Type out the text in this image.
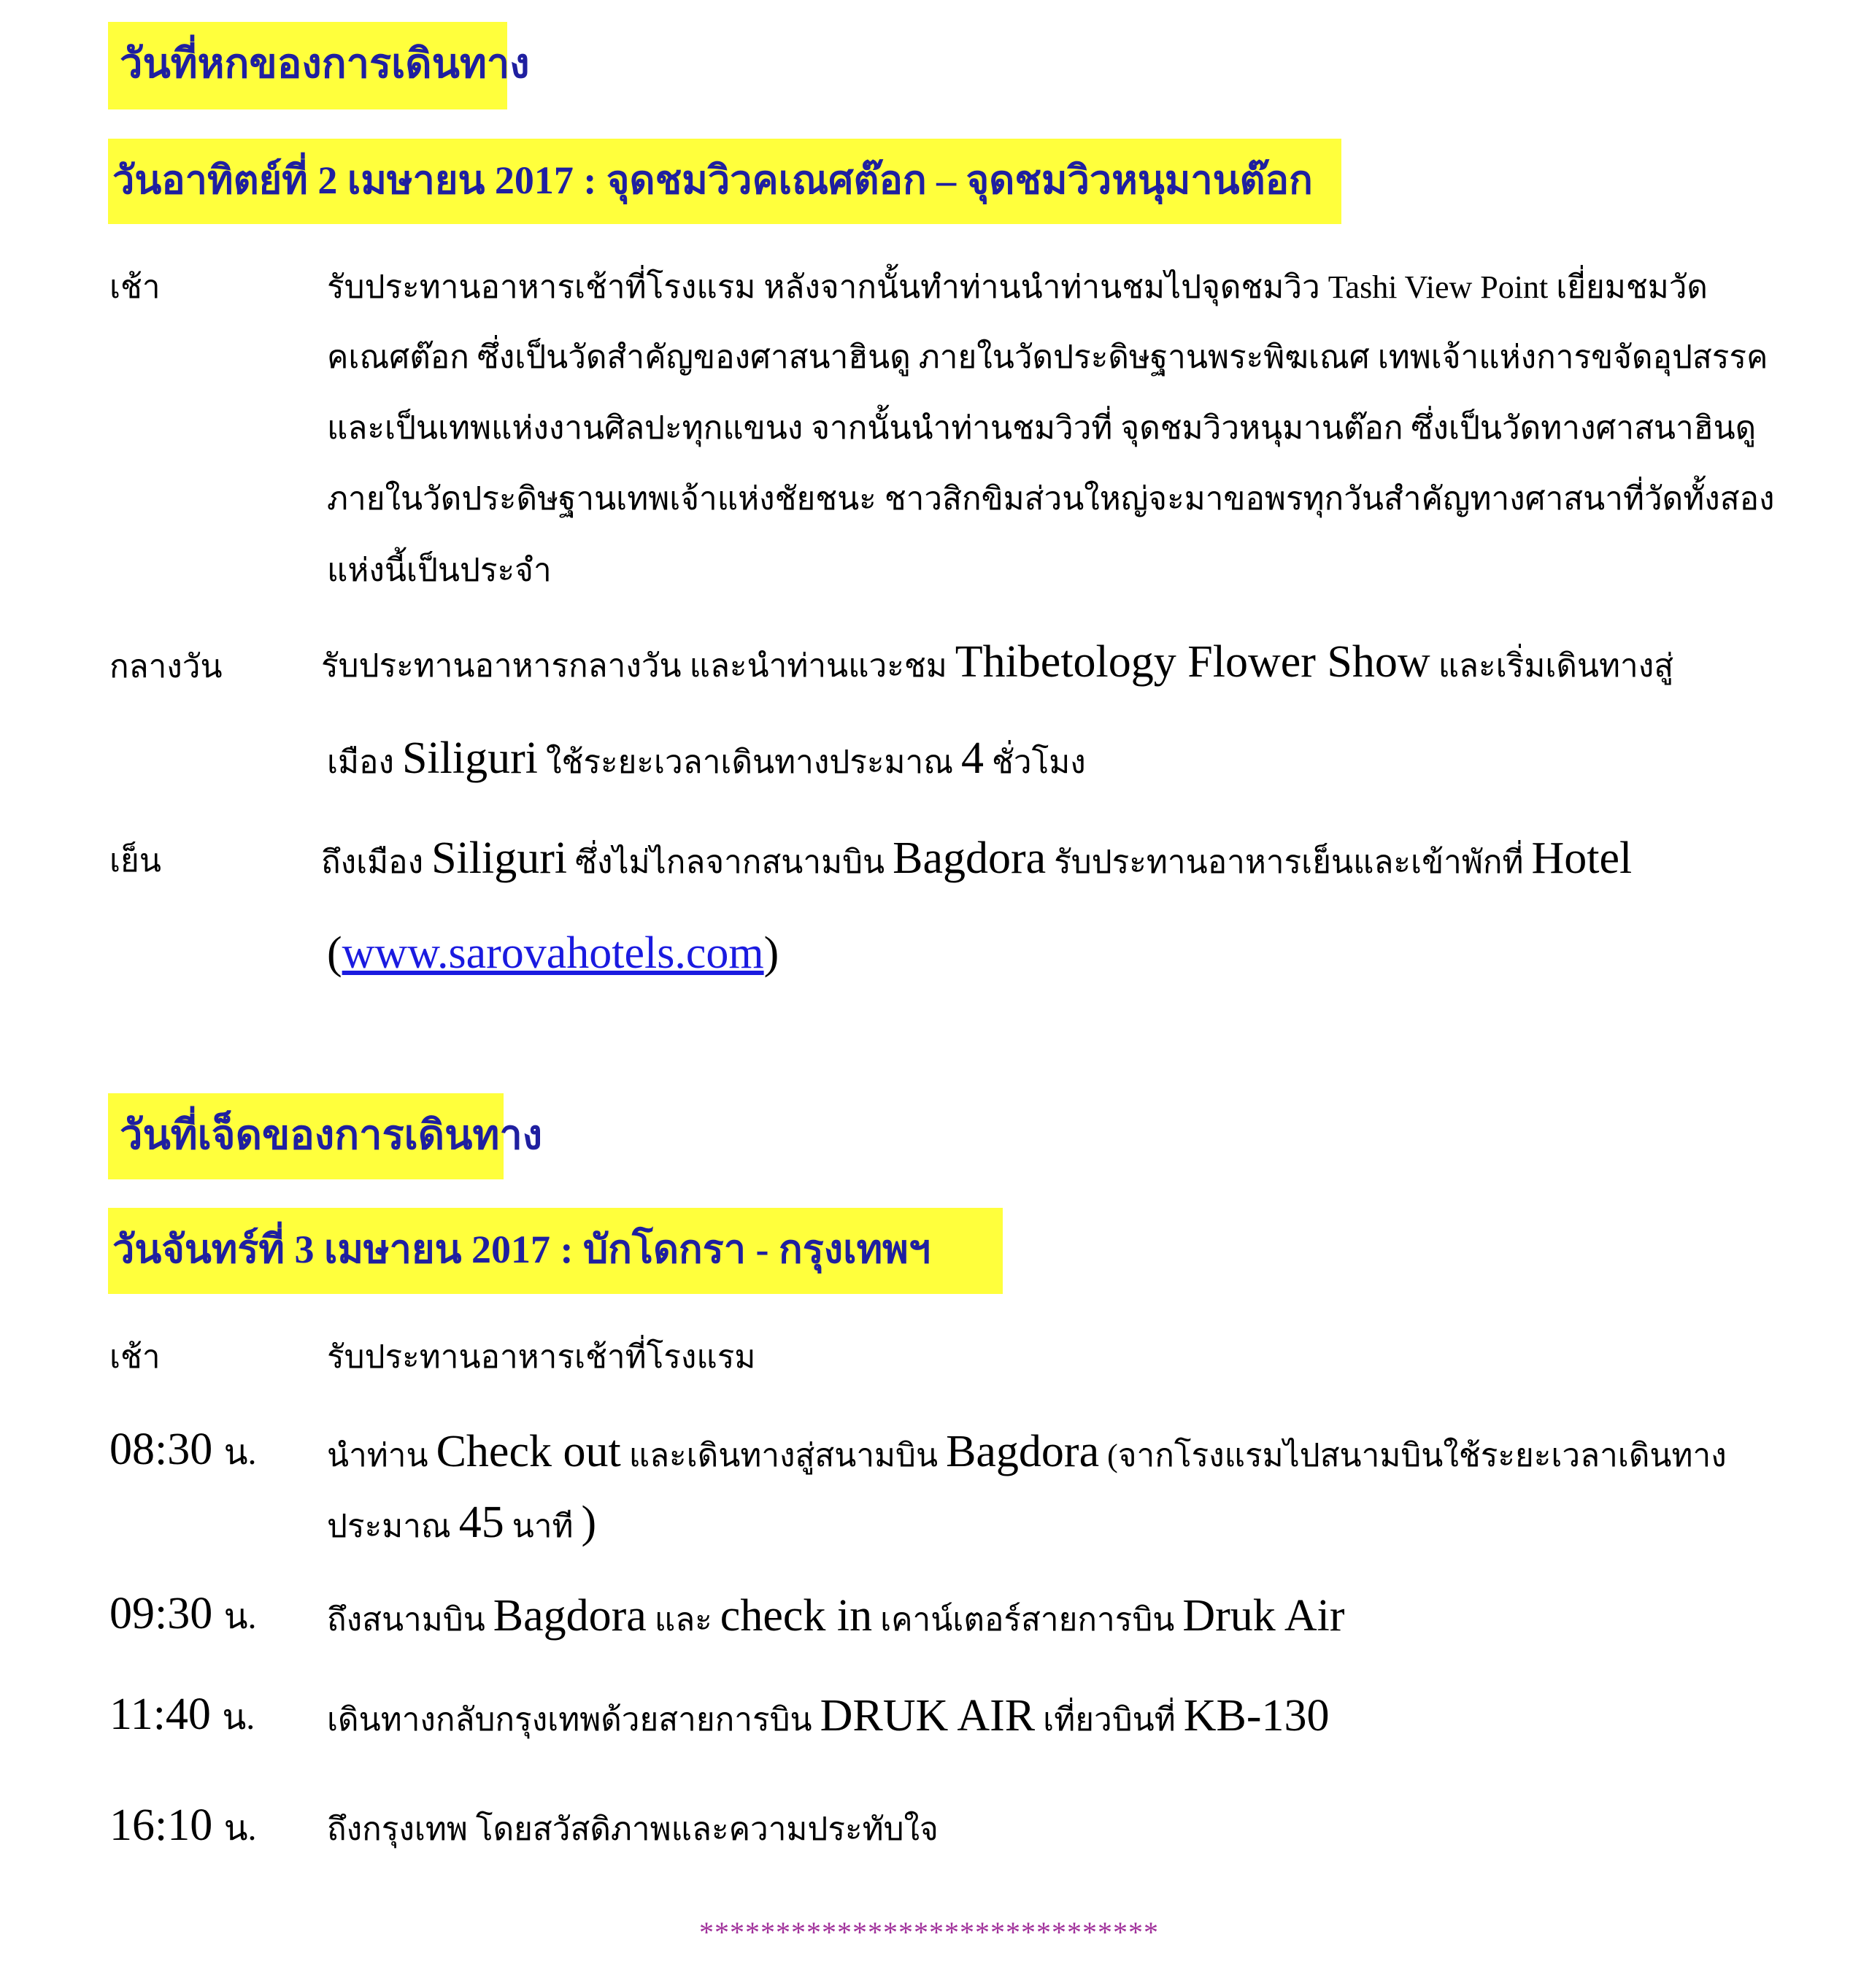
วันที่หกของการเดินทาง
วันอาทิตย์ที่ 2 เมษายน 2017 : จุดชมวิวคเณศต๊อก – จุดชมวิวหนุมานต๊อก
เช้า	รับประทานอาหารเช้าที่โรงแรม หลังจากนั้นทำท่านนำท่านชมไปจุดชมวิว Tashi View Point เยี่ยมชมวัด
คเณศต๊อก ซึ่งเป็นวัดสำคัญของศาสนาฮินดู ภายในวัดประดิษฐานพระพิฆเณศ เทพเจ้าแห่งการขจัดอุปสรรค
และเป็นเทพแห่งงานศิลปะทุกแขนง จากนั้นนำท่านชมวิวที่ จุดชมวิวหนุมานต๊อก ซึ่งเป็นวัดทางศาสนาฮินดู
ภายในวัดประดิษฐานเทพเจ้าแห่งชัยชนะ ชาวสิกขิมส่วนใหญ่จะมาขอพรทุกวันสำคัญทางศาสนาที่วัดทั้งสอง
แห่งนี้เป็นประจำ
กลางวัน	รับประทานอาหารกลางวัน และนำท่านแวะชม Thibetology Flower Show และเริ่มเดินทางสู่
เมือง Siliguri ใช้ระยะเวลาเดินทางประมาณ 4 ชั่วโมง
เย็น	ถึงเมือง Siliguri ซึ่งไม่ไกลจากสนามบิน Bagdora รับประทานอาหารเย็นและเข้าพักที่ Hotel
(www.sarovahotels.com)
วันที่เจ็ดของการเดินทาง
วันจันทร์ที่ 3 เมษายน 2017 : บักโดกรา - กรุงเทพฯ
เช้า	รับประทานอาหารเช้าที่โรงแรม
08:30 น. นำท่าน Check out และเดินทางสู่สนามบิน Bagdora (จากโรงแรมไปสนามบินใช้ระยะเวลาเดินทาง
ประมาณ 45 นาที )
09:30 น. ถึงสนามบิน Bagdora และ check in เคาน์เตอร์สายการบิน Druk Air
11:40 น. เดินทางกลับกรุงเทพด้วยสายการบิน DRUK AIR เที่ยวบินที่ KB-130
16:10 น. ถึงกรุงเทพ โดยสวัสดิภาพและความประทับใจ
******************************
